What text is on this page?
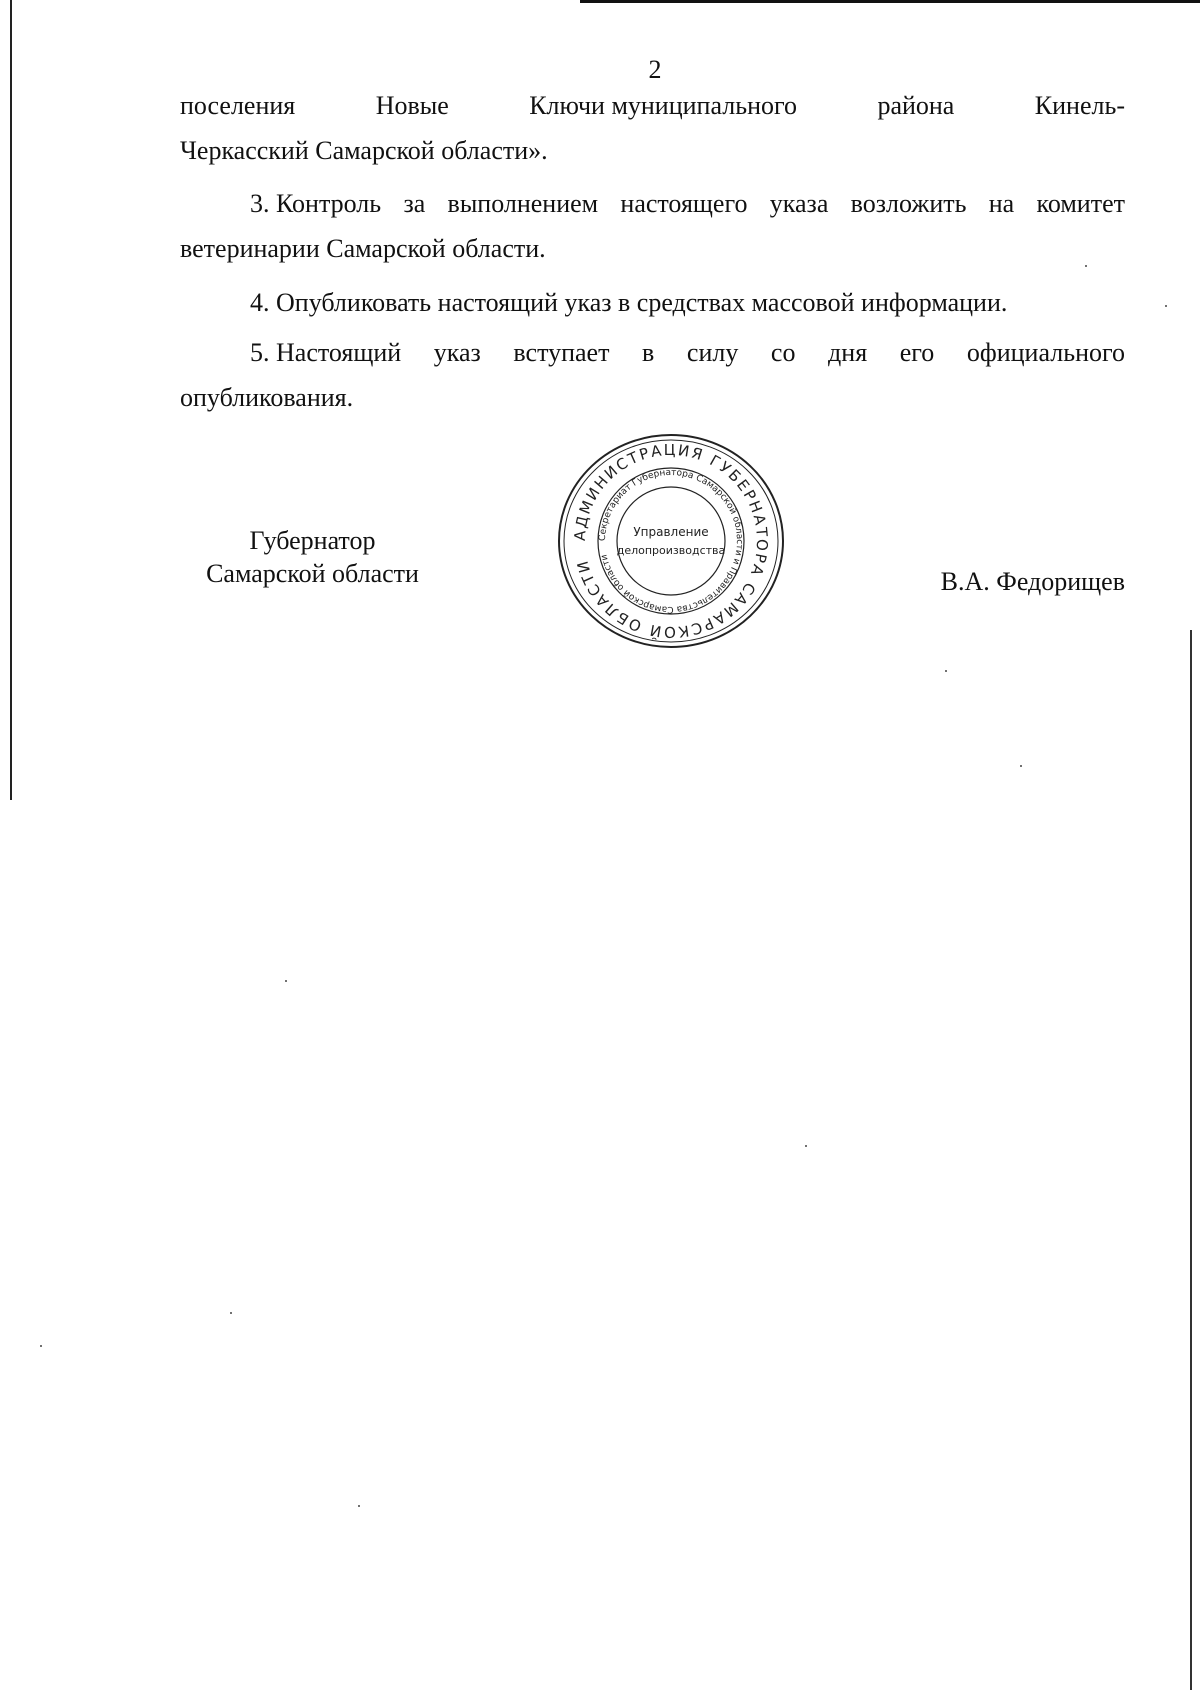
2
поселения	Новые	Ключи муниципального	района	Кинель-
Черкасский Самарской области».
3. Контроль за выполнением настоящего указа возложить на комитет
ветеринарии Самарской области.
4. Опубликовать настоящий указ в средствах массовой информации.
5. Настоящий указ вступает в силу со дня его официального
опубликования.
Губернатор
Самарской области	В.А. Федорищев
АДМИНИСТРАЦИЯ ГУБЕРНАТОРА САМАРСКОЙ ОБЛАСТИ
Секретариат Губернатора Самарской области и Правительства Самарской области
Управление
делопроизводства
